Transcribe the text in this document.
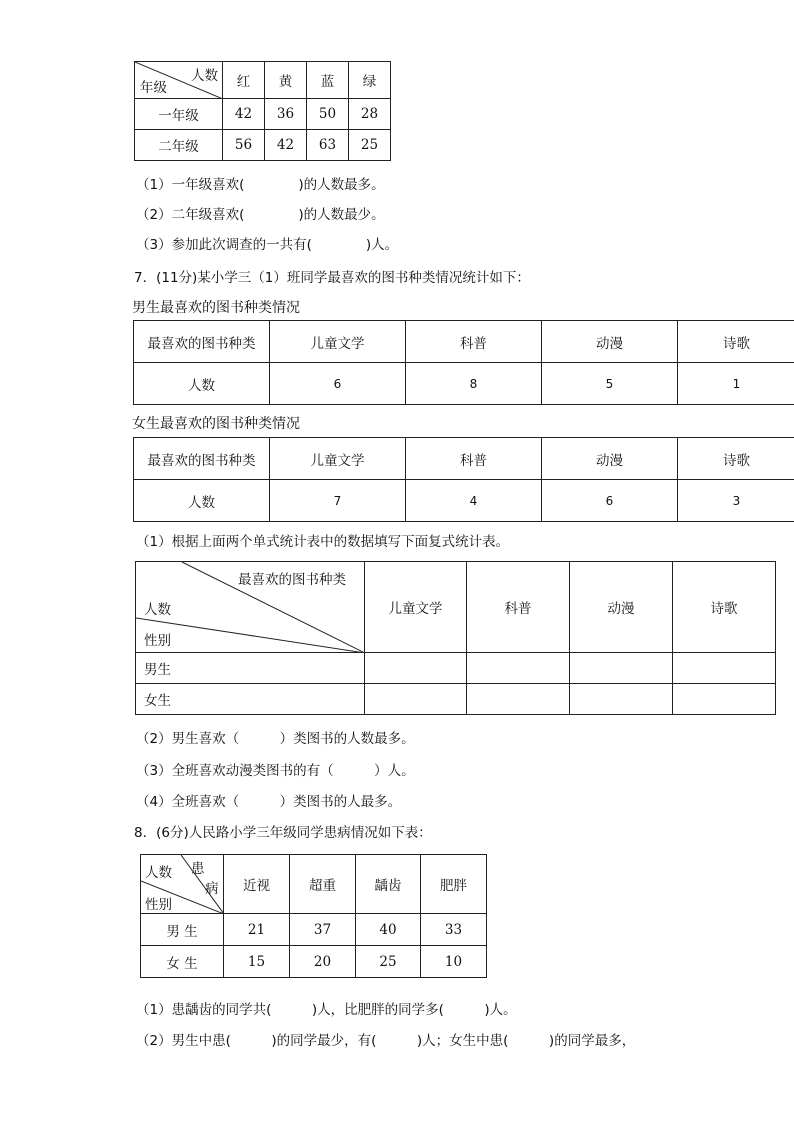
人数
年级	红	黄	蓝	绿
一年级	42	36	50	28
二年级	56	42	63	25
（1）一年级喜欢(　　　　)的人数最多。
（2）二年级喜欢(　　　　)的人数最少。
（3）参加此次调查的一共有(　　　　)人。
7．(11分)某小学三（1）班同学最喜欢的图书种类情况统计如下：
男生最喜欢的图书种类情况
最喜欢的图书种类	儿童文学	科普	动漫	诗歌
人数	6	8	5	1
女生最喜欢的图书种类情况
最喜欢的图书种类	儿童文学	科普	动漫	诗歌
人数	7	4	6	3
（1）根据上面两个单式统计表中的数据填写下面复式统计表。
最喜欢的图书种类
人数
性别	儿童文学	科普	动漫	诗歌
男生				
女生				
（2）男生喜欢（　　　）类图书的人数最多。
（3）全班喜欢动漫类图书的有（　　　）人。
（4）全班喜欢（　　　）类图书的人最多。
8．(6分)人民路小学三年级同学患病情况如下表：
人数 患
病
性别	近视	超重	龋齿	肥胖
男 生	21	37	40	33
女 生	15	20	25	10
（1）患龋齿的同学共(　　　)人，比肥胖的同学多(　　　)人。
（2）男生中患(　　　)的同学最少，有(　　　)人；女生中患(　　　)的同学最多，
